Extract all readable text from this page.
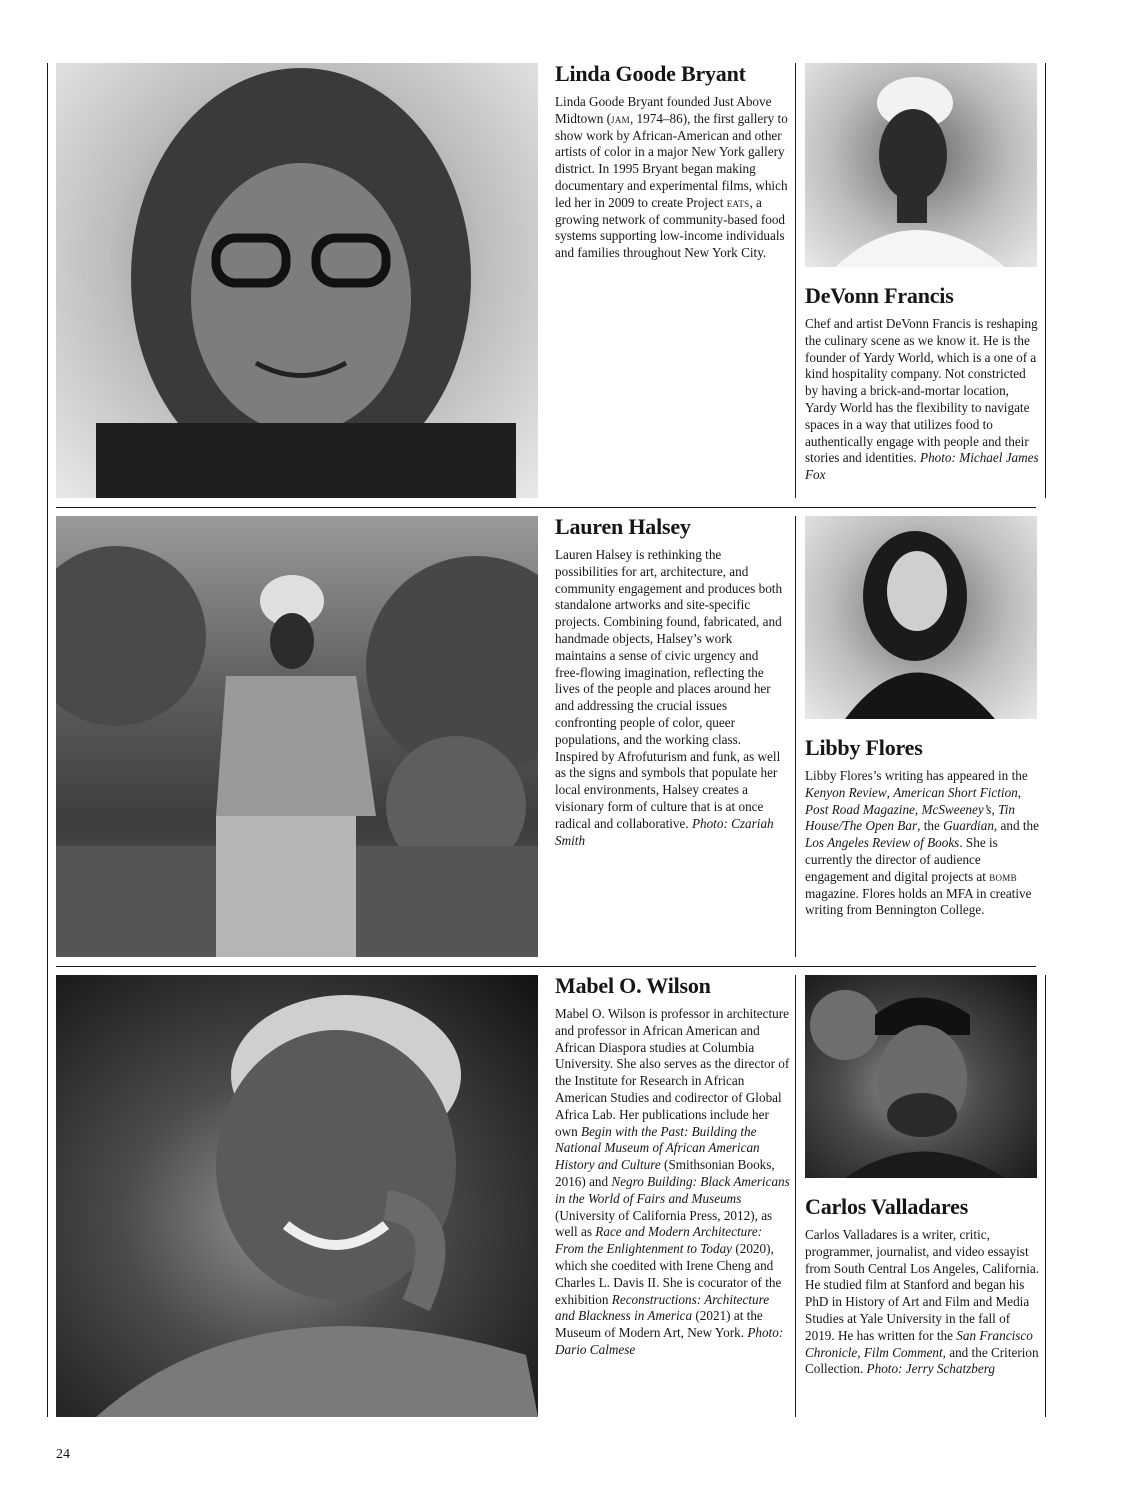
Linda Goode Bryant

Linda Goode Bryant founded Just Above Midtown (jam, 1974–86), the first gallery to show work by African-American and other artists of color in a major New York gallery district. In 1995 Bryant began making documentary and experimental films, which led her in 2009 to create Project eats, a growing network of community-based food systems supporting low-income individuals and families throughout New York City.

DeVonn Francis

Chef and artist DeVonn Francis is reshaping the culinary scene as we know it. He is the founder of Yardy World, which is a one of a kind hospitality company. Not constricted by having a brick-and-mortar location, Yardy World has the flexibility to navigate spaces in a way that utilizes food to authentically engage with people and their stories and identities. Photo: Michael James Fox

Lauren Halsey

Lauren Halsey is rethinking the possibilities for art, architecture, and community engagement and produces both standalone artworks and site-specific projects. Combining found, fabricated, and handmade objects, Halsey’s work maintains a sense of civic urgency and free-flowing imagination, reflecting the lives of the people and places around her and addressing the crucial issues confronting people of color, queer populations, and the working class. Inspired by Afrofuturism and funk, as well as the signs and symbols that populate her local environments, Halsey creates a visionary form of culture that is at once radical and collaborative. Photo: Czariah Smith

Libby Flores

Libby Flores’s writing has appeared in the Kenyon Review, American Short Fiction, Post Road Magazine, McSweeney’s, Tin House/The Open Bar, the Guardian, and the Los Angeles Review of Books. She is currently the director of audience engagement and digital projects at bomb magazine. Flores holds an MFA in creative writing from Bennington College.

Mabel O. Wilson

Mabel O. Wilson is professor in architecture and professor in African American and African Diaspora studies at Columbia University. She also serves as the director of the Institute for Research in African American Studies and codirector of Global Africa Lab. Her publications include her own Begin with the Past: Building the National Museum of African American History and Culture (Smithsonian Books, 2016) and Negro Building: Black Americans in the World of Fairs and Museums (University of California Press, 2012), as well as Race and Modern Architecture: From the Enlightenment to Today (2020), which she coedited with Irene Cheng and Charles L. Davis II. She is cocurator of the exhibition Reconstructions: Architecture and Blackness in America (2021) at the Museum of Modern Art, New York. Photo: Dario Calmese

Carlos Valladares

Carlos Valladares is a writer, critic, programmer, journalist, and video essayist from South Central Los Angeles, California. He studied film at Stanford and began his PhD in History of Art and Film and Media Studies at Yale University in the fall of 2019. He has written for the San Francisco Chronicle, Film Comment, and the Criterion Collection. Photo: Jerry Schatzberg

24
